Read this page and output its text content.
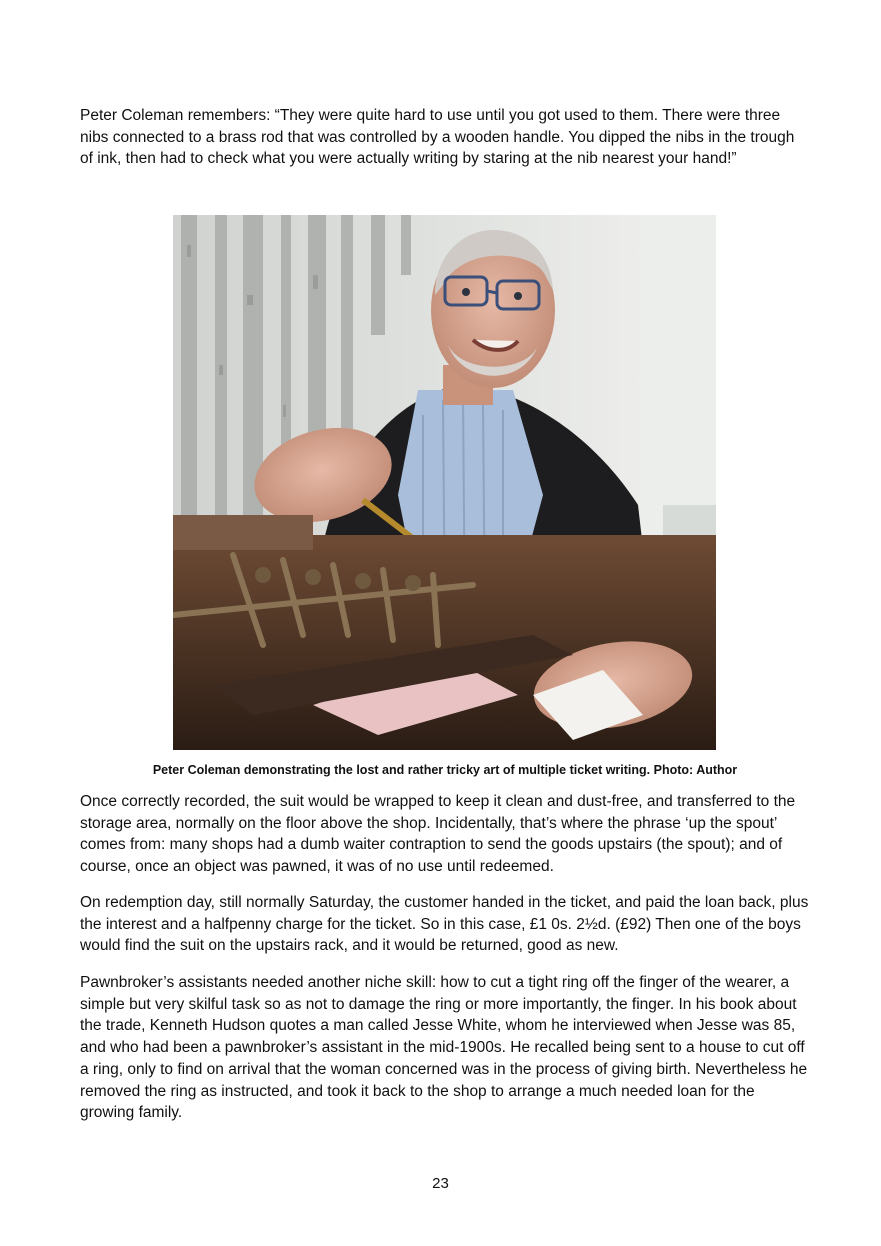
Peter Coleman remembers: “They were quite hard to use until you got used to them. There were three nibs connected to a brass rod that was controlled by a wooden handle. You dipped the nibs in the trough of ink, then had to check what you were actually writing by staring at the nib nearest your hand!”

Peter Coleman demonstrating the lost and rather tricky art of multiple ticket writing. Photo: Author

Once correctly recorded, the suit would be wrapped to keep it clean and dust-free, and transferred to the storage area, normally on the floor above the shop. Incidentally, that’s where the phrase ‘up the spout’ comes from: many shops had a dumb waiter contraption to send the goods upstairs (the spout); and of course, once an object was pawned, it was of no use until redeemed.

On redemption day, still normally Saturday, the customer handed in the ticket, and paid the loan back, plus the interest and a halfpenny charge for the ticket. So in this case, £1 0s. 2½d. (£92) Then one of the boys would find the suit on the upstairs rack, and it would be returned, good as new.

Pawnbroker’s assistants needed another niche skill: how to cut a tight ring off the finger of the wearer, a simple but very skilful task so as not to damage the ring or more importantly, the finger. In his book about the trade, Kenneth Hudson quotes a man called Jesse White, whom he interviewed when Jesse was 85, and who had been a pawnbroker’s assistant in the mid-1900s. He recalled being sent to a house to cut off a ring, only to find on arrival that the woman concerned was in the process of giving birth. Nevertheless he removed the ring as instructed, and took it back to the shop to arrange a much needed loan for the growing family.

23
